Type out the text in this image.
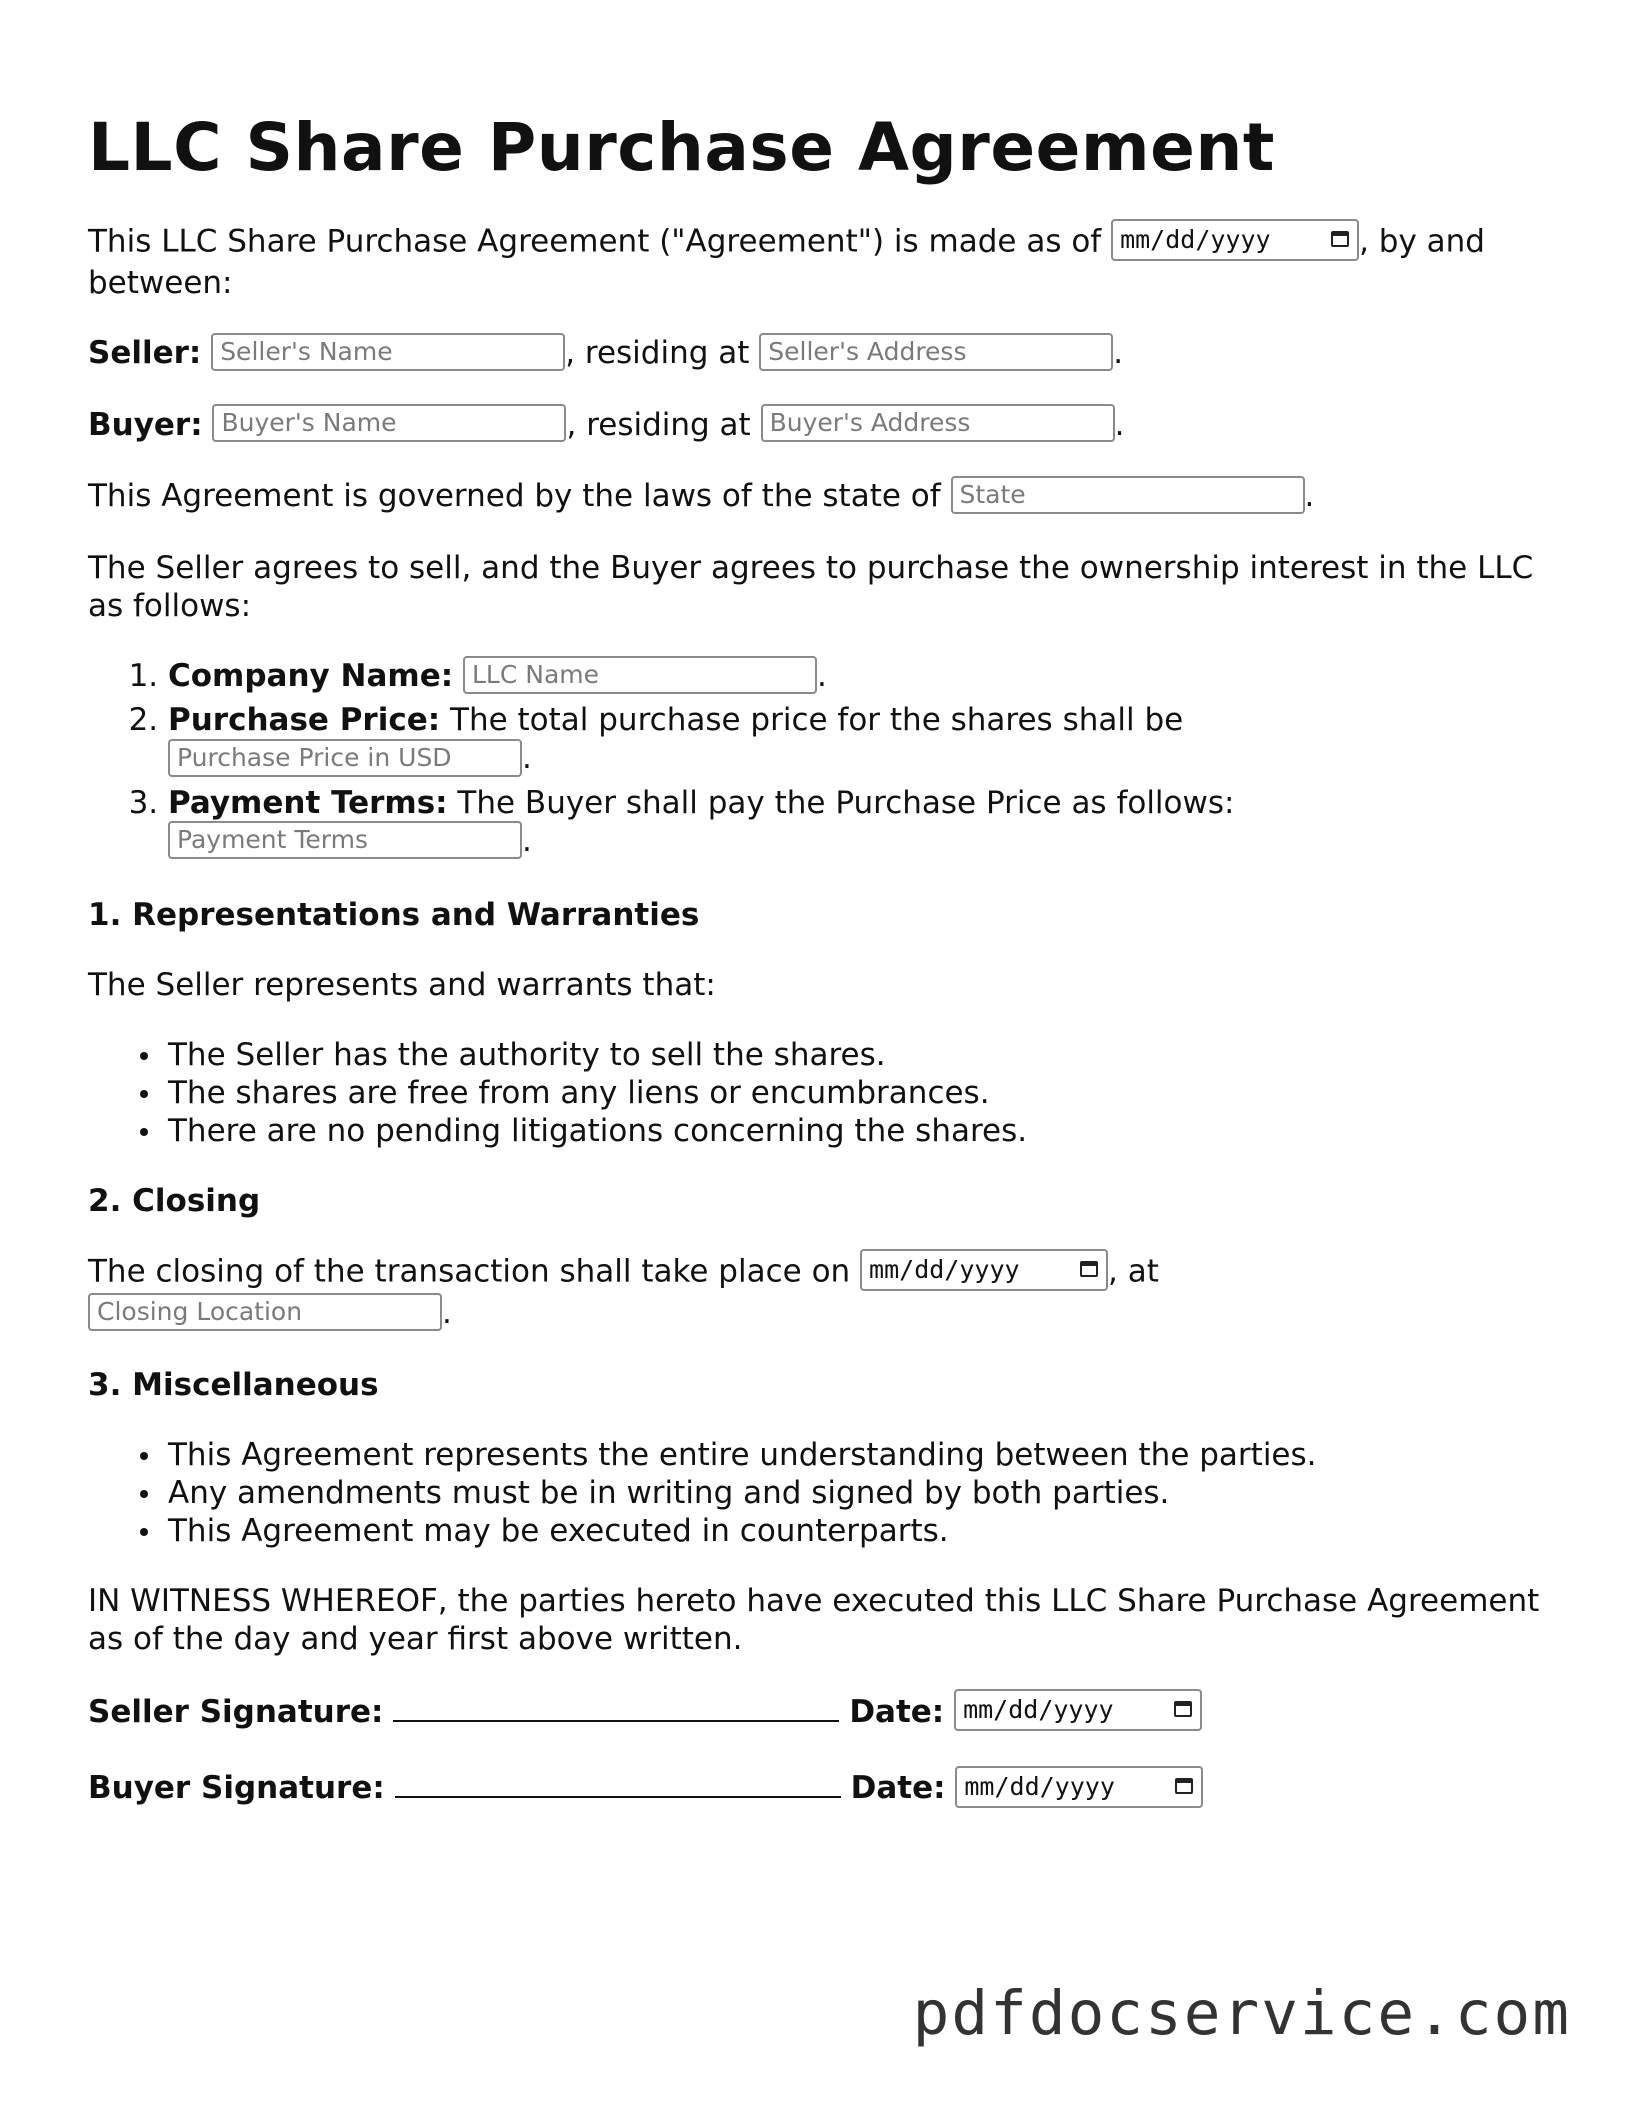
LLC Share Purchase Agreement

This LLC Share Purchase Agreement ("Agreement") is made as of mm/dd/yyyy	, by and between:

Seller: Seller's Name	, residing at Seller's Address	.

Buyer: Buyer's Name	, residing at Buyer's Address	.

This Agreement is governed by the laws of the state of State	.

The Seller agrees to sell, and the Buyer agrees to purchase the ownership interest in the LLC as follows:

1. Company Name: LLC Name	.
2. Purchase Price: The total purchase price for the shares shall be
Purchase Price in USD .
3. Payment Terms: The Buyer shall pay the Purchase Price as follows:
Payment Terms	.
1. Representations and Warranties

The Seller represents and warrants that:

The Seller has the authority to sell the shares.
The shares are free from any liens or encumbrances.
There are no pending litigations concerning the shares.
2. Closing

The closing of the transaction shall take place on mm/dd/yyyy	, at
Closing Location	.

3. Miscellaneous
This Agreement represents the entire understanding between the parties.
Any amendments must be in writing and signed by both parties.
This Agreement may be executed in counterparts.

IN WITNESS WHEREOF, the parties hereto have executed this LLC Share Purchase Agreement as of the day and year first above written.

Seller Signature:	Date: mm/dd/yyyy

Buyer Signature:	Date: mm/dd/yyyy

pdfdocservice.com
